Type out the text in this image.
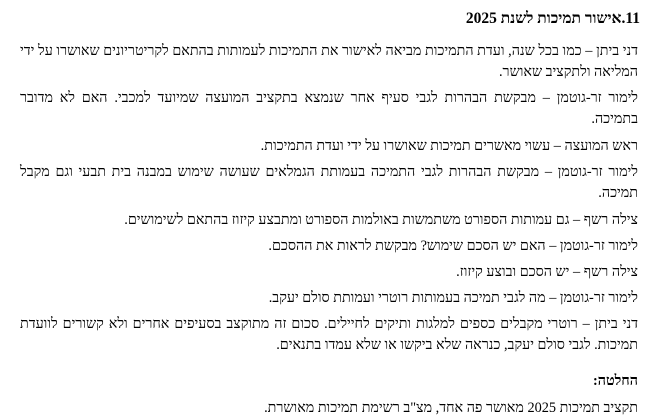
11.אישור תמיכות לשנת 2025

דני ביתן – כמו בכל שנה, ועדת התמיכות מביאה לאישור את התמיכות לעמותות בהתאם לקריטריונים שאושרו על ידי המליאה ולתקציב שאושר.

לימור זר-גוטמן – מבקשת הבהרות לגבי סעיף אחר שנמצא בתקציב המועצה שמיועד למכבי. האם לא מדובר בתמיכה.

ראש המועצה – עשוי מאשרים תמיכות שאושרו על ידי ועדת התמיכות.

לימור זר-גוטמן – מבקשת הבהרות לגבי התמיכה בעמותת הגמלאים שעושה שימוש במבנה בית תבעי וגם מקבל תמיכה.

צילה רשף – גם עמותות הספורט משתמשות באולמות הספורט ומתבצע קיזוז בהתאם לשימושים.

לימור זר-גוטמן – האם יש הסכם שימוש? מבקשת לראות את ההסכם.

צילה רשף – יש הסכם ובוצע קיזוז.

לימור זר-גוטמן – מה לגבי תמיכה בעמותות רוטרי ועמותת סולם יעקב.

דני ביתן – רוטרי מקבלים כספים למלגות ותיקים לחיילים. סכום זה מתוקצב בסעיפים אחרים ולא קשורים לוועדת תמיכות. לגבי סולם יעקב, כנראה שלא ביקשו או שלא עמדו בתנאים.

החלטה:

תקציב תמיכות 2025 מאושר פה אחד, מצ"ב רשימת תמיכות מאושרת.
